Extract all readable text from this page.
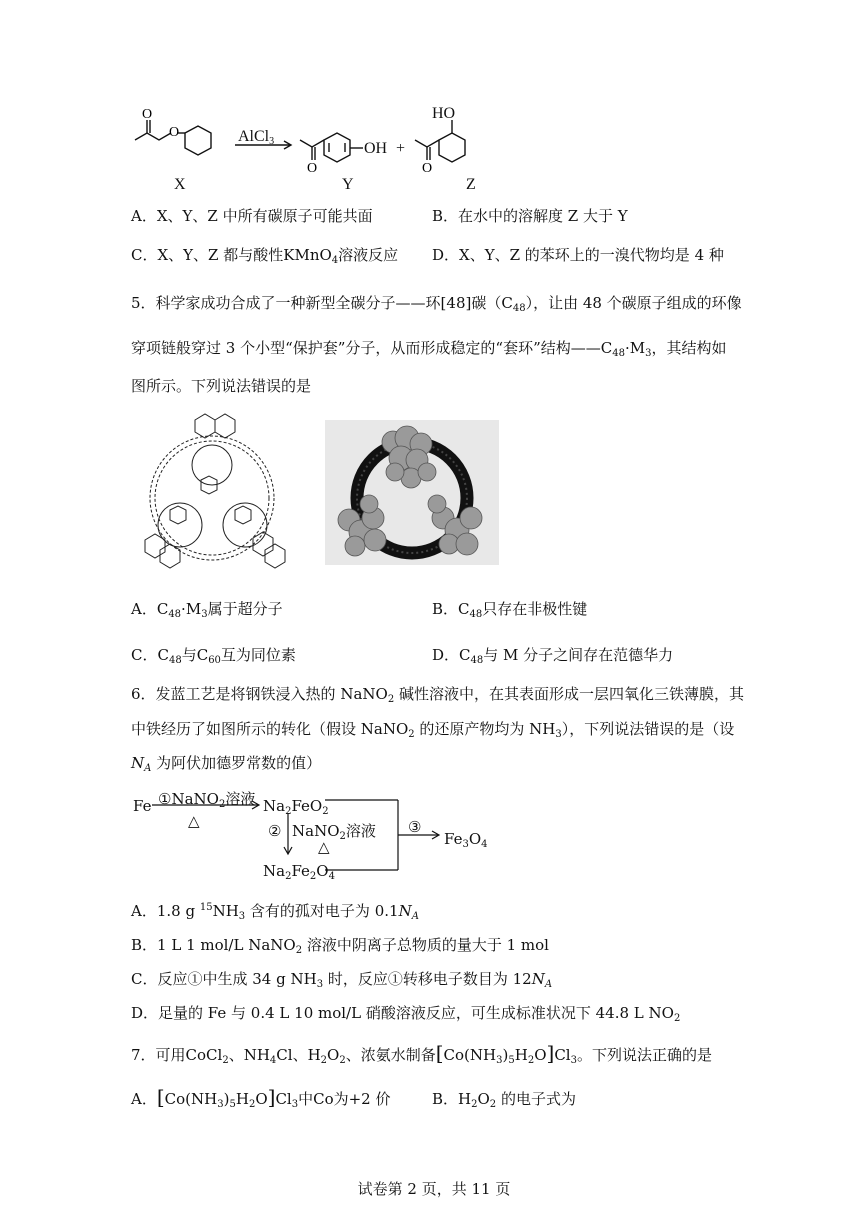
O
O
O	O
HO
AlCl$_3$	OH +
X	Y	Z
A．X、Y、Z 中所有碳原子可能共面	B．在水中的溶解度 Z 大于 Y
C．X、Y、Z 都与酸性KMnO$_4$溶液反应 D．X、Y、Z 的苯环上的一溴代物均是 4 种
5．科学家成功合成了一种新型全碳分子——环[48]碳$(C_{48})$，让由 48 个碳原子组成的环像
穿项链般穿过 3 个小型“保护套”分子，从而形成稳定的“套环”结构$——C_{48}\cdot M_3$，其结构如
图所示。下列说法错误的是
A．$C_{48}\cdot M_3$属于超分子	B．$C_{48}$只存在非极性键
C．$C_{48}$与$C_{60}$互为同位素	D．$C_{48}$与 M 分子之间存在范德华力
6．发蓝工艺是将钢铁浸入热的 NaNO$_2$ 碱性溶液中，在其表面形成一层四氧化三铁薄膜，其
中铁经历了如图所示的转化（假设 NaNO$_2$ 的还原产物均为 $NH_3$），下列说法错误的是（设
$N_A$ 为阿伏加德罗常数的值）
Fe ①NaNO$_2$溶液
△
$Na_2FeO_2$
② NaNO$_2$溶液
△
③
$Fe_3O_4$
$Na_2Fe_2O_4$
A．1.8 g $^{15}NH_3$ 含有的孤对电子为 $0.1N_A$
B．1 L 1 mol/L NaNO$_2$ 溶液中阴离子总物质的量大于 1 mol
C．反应①中生成 34 g $NH_3$ 时，反应①转移电子数目为 $12N_A$
D．足量的 Fe 与 0.4 L 10 mol/L 硝酸溶液反应，可生成标准状况下 44.8 L $NO_2$
7．可用CoCl$_2$、$NH_4Cl$、$H_2O_2$、浓氨水制备$[Co(NH_3)_5H_2O]Cl_3$。下列说法正确的是
A．$[Co(NH_3)_5H_2O]Cl_3$中Co为+2 价	B．$H_2O_2$ 的电子式为
试卷第 2 页，共 11 页
